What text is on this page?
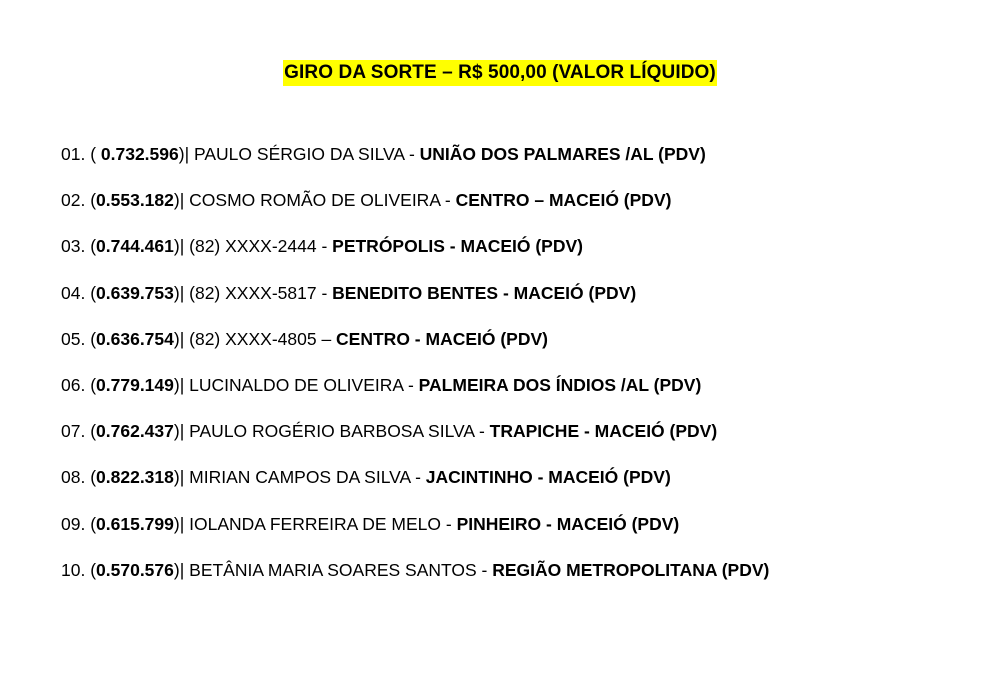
GIRO DA SORTE – R$ 500,00 (VALOR LÍQUIDO)
01. ( 0.732.596)| PAULO SÉRGIO DA SILVA - UNIÃO DOS PALMARES /AL (PDV)
02. (0.553.182)| COSMO ROMÃO DE OLIVEIRA - CENTRO – MACEIÓ (PDV)
03. (0.744.461)| (82) XXXX-2444 - PETRÓPOLIS - MACEIÓ (PDV)
04. (0.639.753)| (82) XXXX-5817 - BENEDITO BENTES - MACEIÓ (PDV)
05. (0.636.754)| (82) XXXX-4805 – CENTRO - MACEIÓ (PDV)
06. (0.779.149)| LUCINALDO DE OLIVEIRA - PALMEIRA DOS ÍNDIOS /AL (PDV)
07. (0.762.437)| PAULO ROGÉRIO BARBOSA SILVA - TRAPICHE - MACEIÓ (PDV)
08. (0.822.318)| MIRIAN CAMPOS DA SILVA - JACINTINHO - MACEIÓ (PDV)
09. (0.615.799)| IOLANDA FERREIRA DE MELO - PINHEIRO - MACEIÓ (PDV)
10. (0.570.576)| BETÂNIA MARIA SOARES SANTOS - REGIÃO METROPOLITANA (PDV)
